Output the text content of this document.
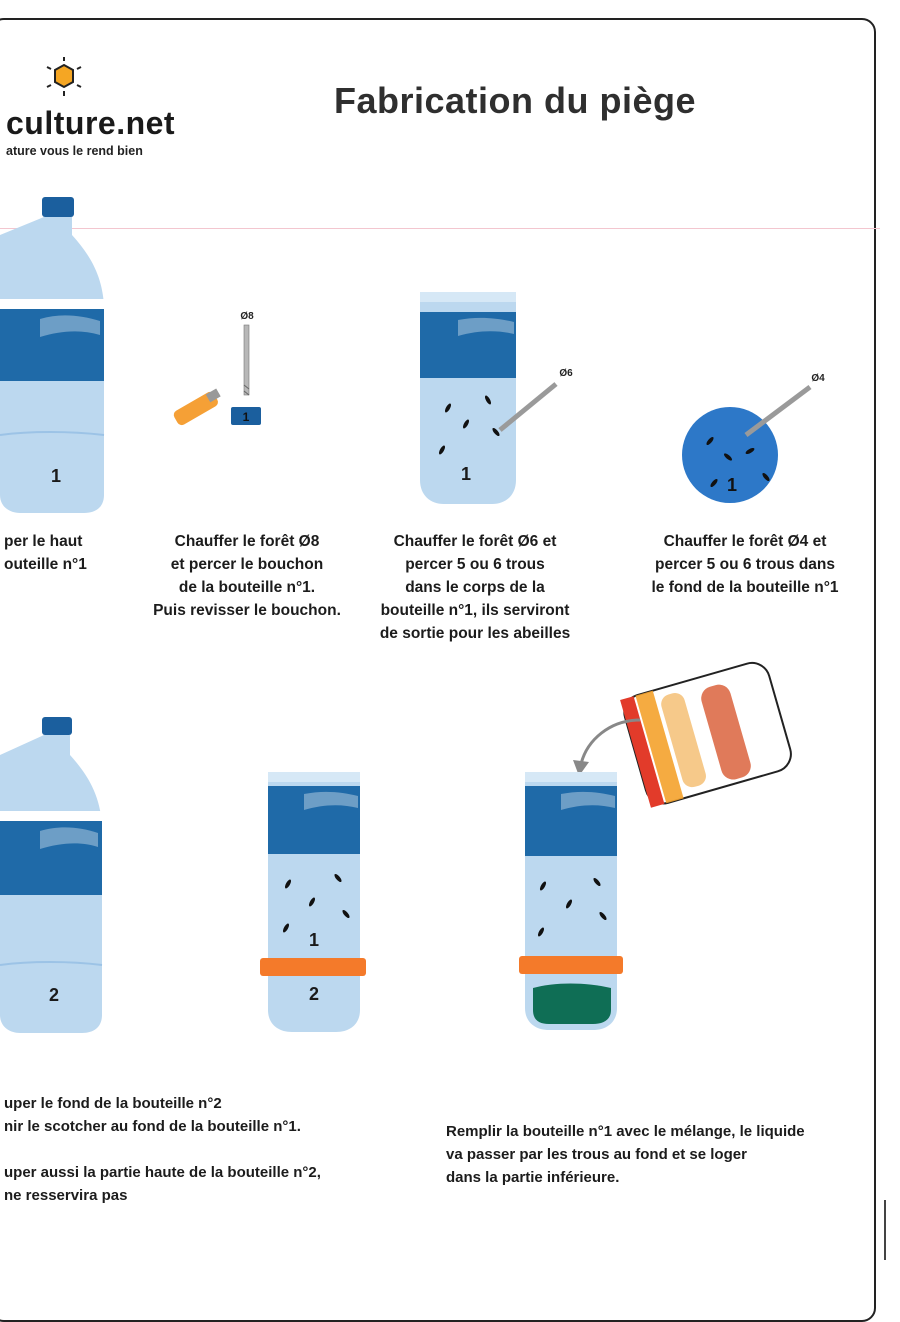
culture.net
ature vous le rend bien
Fabrication du piège
1
Ø8
1
Ø6
1
Ø4
1
per le haut
outeille n°1
Chauffer le forêt Ø8
et percer le bouchon
de la bouteille n°1.
Puis revisser le bouchon.
Chauffer le forêt Ø6 et
percer 5 ou 6 trous
dans le corps de la
bouteille n°1, ils serviront
de sortie pour les abeilles
Chauffer le forêt Ø4 et
percer 5 ou 6 trous dans
le fond de la bouteille n°1
2
1
2
uper le fond de la bouteille n°2
nir le scotcher au fond de la bouteille n°1.
uper aussi la partie haute de la bouteille n°2,
ne resservira pas
Remplir la bouteille n°1 avec le mélange, le liquide
va passer par les trous au fond et se loger
dans la partie inférieure.
